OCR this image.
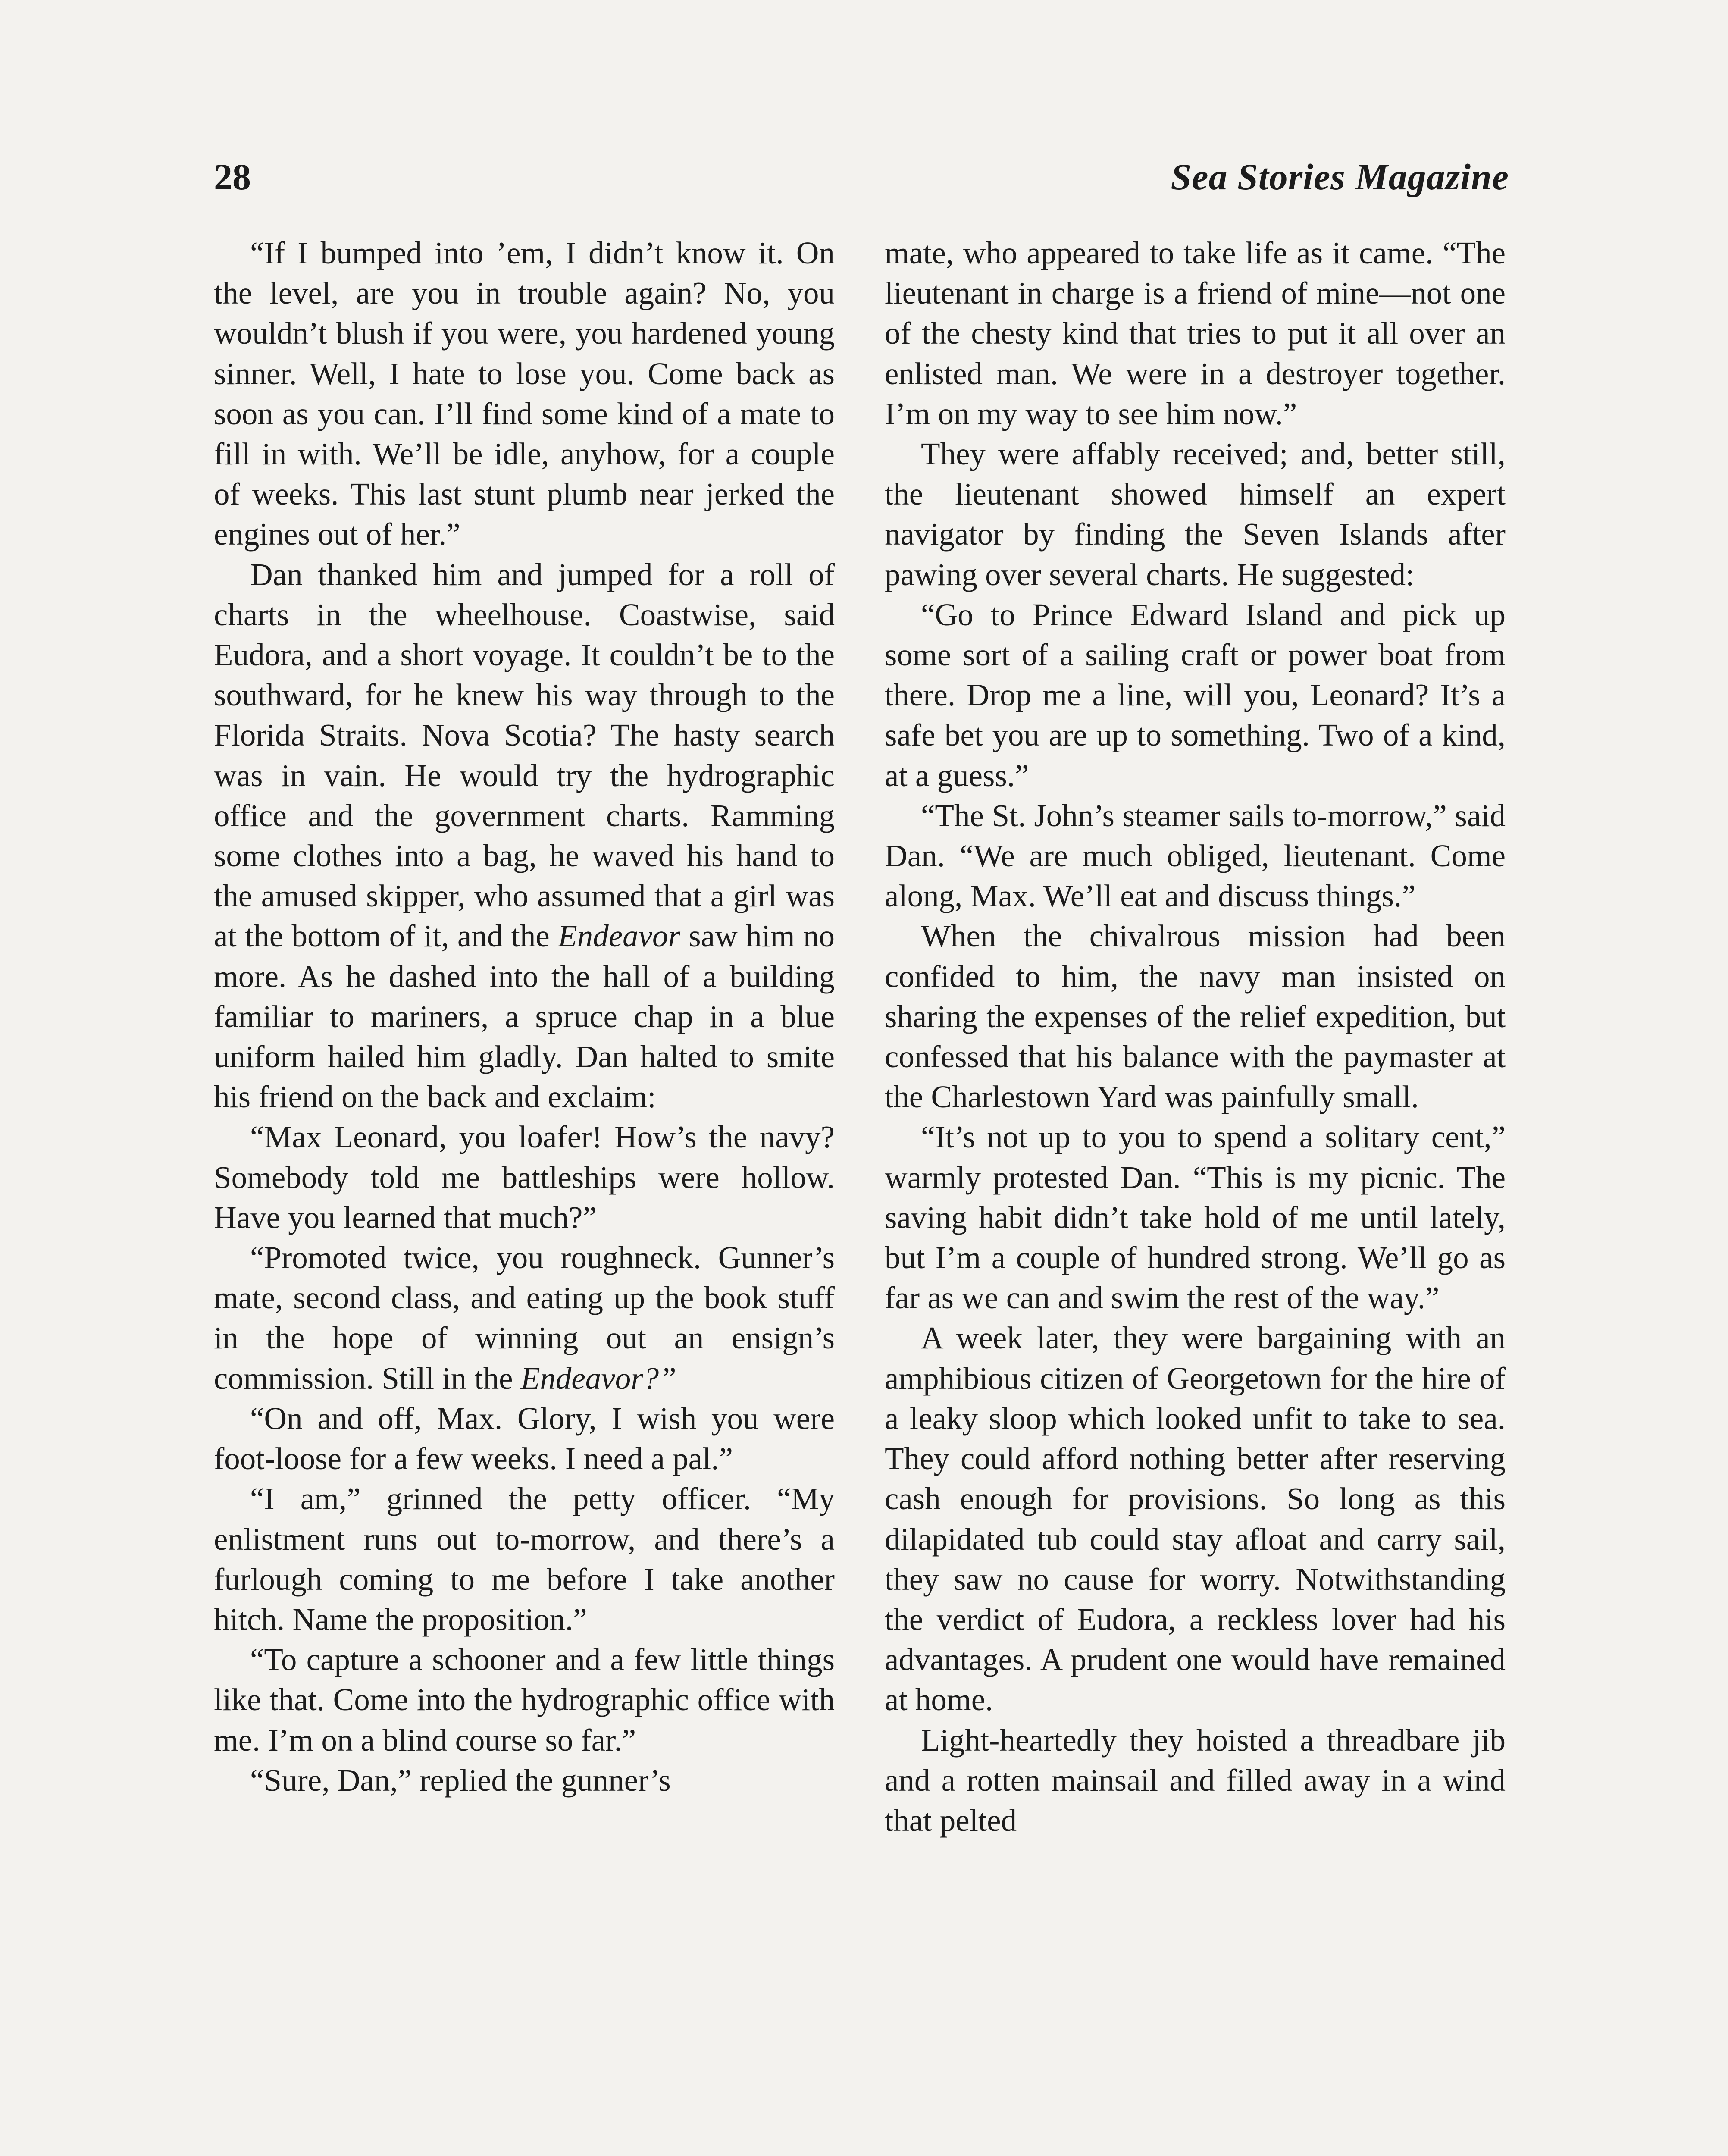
28	Sea Stories Magazine

“If I bumped into ’em, I didn’t know it. On the level, are you in trouble again? No, you wouldn’t blush if you were, you hardened young sinner. Well, I hate to lose you. Come back as soon as you can. I’ll find some kind of a mate to fill in with. We’ll be idle, anyhow, for a couple of weeks. This last stunt plumb near jerked the engines out of her.”

Dan thanked him and jumped for a roll of charts in the wheelhouse. Coastwise, said Eudora, and a short voyage. It couldn’t be to the southward, for he knew his way through to the Florida Straits. Nova Scotia? The hasty search was in vain. He would try the hydrographic office and the government charts. Ramming some clothes into a bag, he waved his hand to the amused skipper, who assumed that a girl was at the bottom of it, and the Endeavor saw him no more. As he dashed into the hall of a building familiar to mariners, a spruce chap in a blue uniform hailed him gladly. Dan halted to smite his friend on the back and exclaim:

“Max Leonard, you loafer! How’s the navy? Somebody told me battleships were hollow. Have you learned that much?”

“Promoted twice, you roughneck. Gunner’s mate, second class, and eating up the book stuff in the hope of winning out an ensign’s commission. Still in the Endeavor?”

“On and off, Max. Glory, I wish you were foot-loose for a few weeks. I need a pal.”

“I am,” grinned the petty officer. “My enlistment runs out to-morrow, and there’s a furlough coming to me before I take another hitch. Name the proposition.”

“To capture a schooner and a few little things like that. Come into the hydrographic office with me. I’m on a blind course so far.”

“Sure, Dan,” replied the gunner’s

mate, who appeared to take life as it came. “The lieutenant in charge is a friend of mine—not one of the chesty kind that tries to put it all over an enlisted man. We were in a destroyer together. I’m on my way to see him now.”

They were affably received; and, better still, the lieutenant showed himself an expert navigator by finding the Seven Islands after pawing over several charts. He suggested:

“Go to Prince Edward Island and pick up some sort of a sailing craft or power boat from there. Drop me a line, will you, Leonard? It’s a safe bet you are up to something. Two of a kind, at a guess.”

“The St. John’s steamer sails to-morrow,” said Dan. “We are much obliged, lieutenant. Come along, Max. We’ll eat and discuss things.”

When the chivalrous mission had been confided to him, the navy man insisted on sharing the expenses of the relief expedition, but confessed that his balance with the paymaster at the Charlestown Yard was painfully small.

“It’s not up to you to spend a solitary cent,” warmly protested Dan. “This is my picnic. The saving habit didn’t take hold of me until lately, but I’m a couple of hundred strong. We’ll go as far as we can and swim the rest of the way.”

A week later, they were bargaining with an amphibious citizen of Georgetown for the hire of a leaky sloop which looked unfit to take to sea. They could afford nothing better after reserving cash enough for provisions. So long as this dilapidated tub could stay afloat and carry sail, they saw no cause for worry. Notwithstanding the verdict of Eudora, a reckless lover had his advantages. A prudent one would have remained at home.

Light-heartedly they hoisted a threadbare jib and a rotten mainsail and filled away in a wind that pelted
